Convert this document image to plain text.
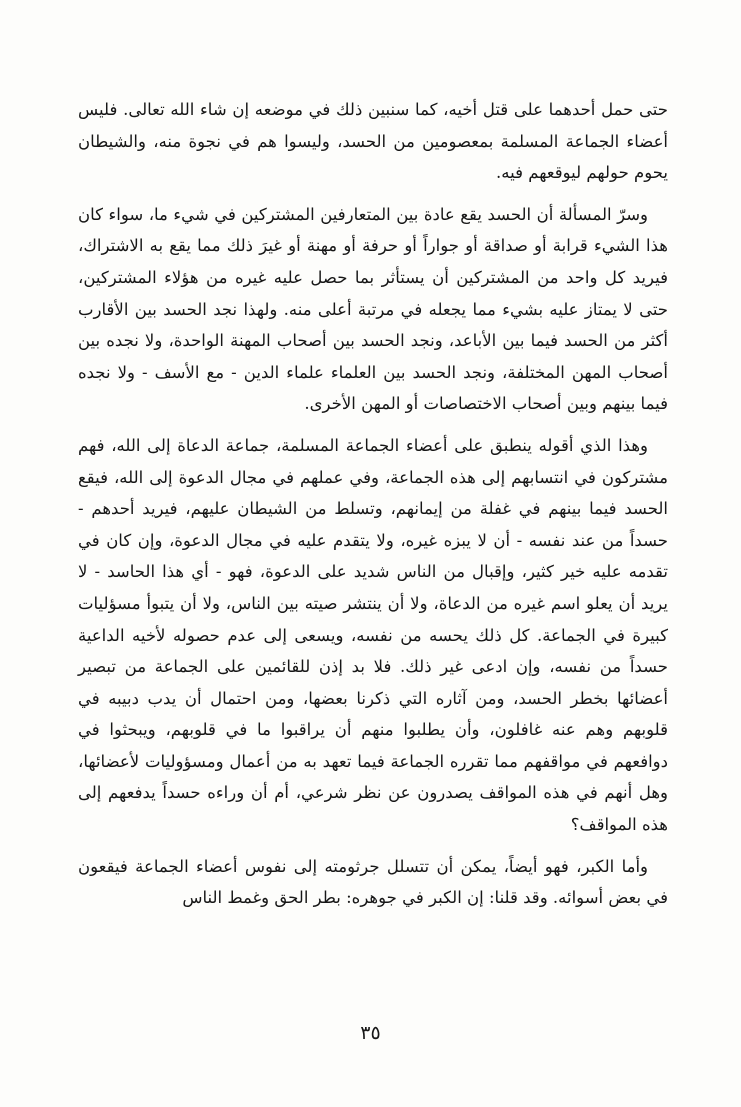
حتى حمل أحدهما على قتل أخيه، كما سنبين ذلك في موضعه إن شاء الله تعالى. فليس أعضاء الجماعة المسلمة بمعصومين من الحسد، وليسوا هم في نجوة منه، والشيطان يحوم حولهم ليوقعهم فيه.

وسرّ المسألة أن الحسد يقع عادة بين المتعارفين المشتركين في شيء ما، سواء كان هذا الشيء قرابة أو صداقة أو جواراً أو حرفة أو مهنة أو غيرَ ذلك مما يقع به الاشتراك، فيريد كل واحد من المشتركين أن يستأثر بما حصل عليه غيره من هؤلاء المشتركين، حتى لا يمتاز عليه بشيء مما يجعله في مرتبة أعلى منه. ولهذا نجد الحسد بين الأقارب أكثر من الحسد فيما بين الأباعد، ونجد الحسد بين أصحاب المهنة الواحدة، ولا نجده بين أصحاب المهن المختلفة، ونجد الحسد بين العلماء علماء الدين - مع الأسف - ولا نجده فيما بينهم وبين أصحاب الاختصاصات أو المهن الأخرى.

وهذا الذي أقوله ينطبق على أعضاء الجماعة المسلمة، جماعة الدعاة إلى الله، فهم مشتركون في انتسابهم إلى هذه الجماعة، وفي عملهم في مجال الدعوة إلى الله، فيقع الحسد فيما بينهم في غفلة من إيمانهم، وتسلط من الشيطان عليهم، فيريد أحدهم - حسداً من عند نفسه - أن لا يبزه غيره، ولا يتقدم عليه في مجال الدعوة، وإن كان في تقدمه عليه خير كثير، وإقبال من الناس شديد على الدعوة، فهو - أي هذا الحاسد - لا يريد أن يعلو اسم غيره من الدعاة، ولا أن ينتشر صيته بين الناس، ولا أن يتبوأ مسؤليات كبيرة في الجماعة. كل ذلك يحسه من نفسه، ويسعى إلى عدم حصوله لأخيه الداعية حسداً من نفسه، وإن ادعى غير ذلك. فلا بد إذن للقائمين على الجماعة من تبصير أعضائها بخطر الحسد، ومن آثاره التي ذكرنا بعضها، ومن احتمال أن يدب دبيبه في قلوبهم وهم عنه غافلون، وأن يطلبوا منهم أن يراقبوا ما في قلوبهم، ويبحثوا في دوافعهم في مواقفهم مما تقرره الجماعة فيما تعهد به من أعمال ومسؤوليات لأعضائها، وهل أنهم في هذه المواقف يصدرون عن نظر شرعي، أم أن وراءه حسداً يدفعهم إلى هذه المواقف؟

وأما الكبر، فهو أيضاً، يمكن أن تتسلل جرثومته إلى نفوس أعضاء الجماعة فيقعون في بعض أسوائه. وقد قلنا: إن الكبر في جوهره: بطر الحق وغمط الناس

٣٥
